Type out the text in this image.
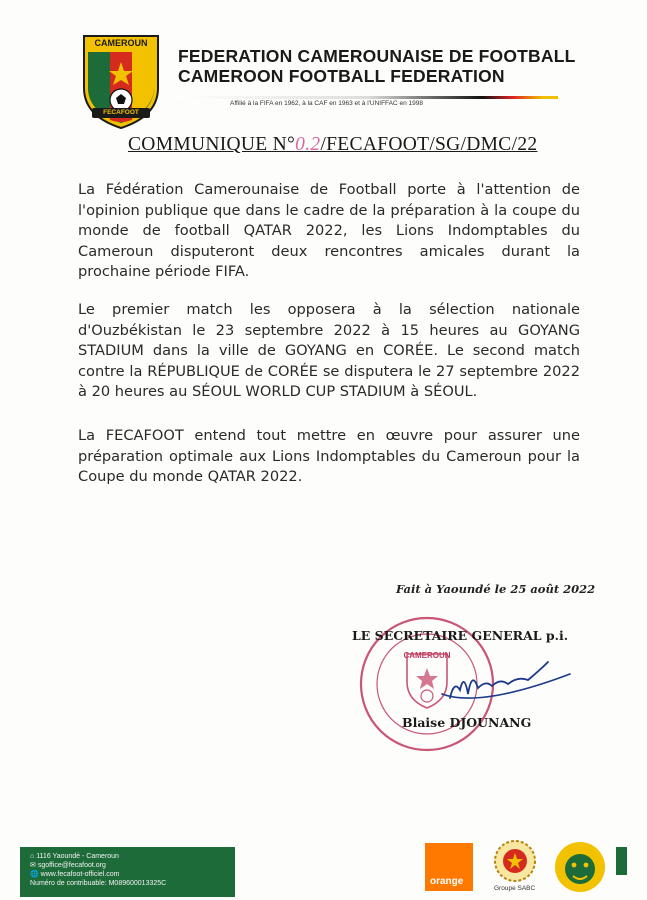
CAMEROUN
FECAFOOT
FEDERATION CAMEROUNAISE DE FOOTBALL
CAMEROON FOOTBALL FEDERATION
Affilié à la FIFA en 1962, à la CAF en 1963 et à l'UNIFFAC en 1998
COMMUNIQUE N°0.2/FECAFOOT/SG/DMC/22
La Fédération Camerounaise de Football porte à l'attention de l'opinion publique que dans le cadre de la préparation à la coupe du monde de football QATAR 2022, les Lions Indomptables du Cameroun disputeront deux rencontres amicales durant la prochaine période FIFA.
Le premier match les opposera à la sélection nationale d'Ouzbékistan le 23 septembre 2022 à 15 heures au GOYANG STADIUM dans la ville de GOYANG en CORÉE. Le second match contre la RÉPUBLIQUE de CORÉE se disputera le 27 septembre 2022 à 20 heures au SÉOUL WORLD CUP STADIUM à SÉOUL.
La FECAFOOT entend tout mettre en œuvre pour assurer une préparation optimale aux Lions Indomptables du Cameroun pour la Coupe du monde QATAR 2022.
Fait à Yaoundé le 25 août 2022
CAMEROUN
LE SECRETAIRE GENERAL p.i.
Blaise DJOUNANG
⌂ 1116 Yaoundé - Cameroun
✉ sgoffice@fecafoot.org
🌐 www.fecafoot-officiel.com
Numéro de contribuable: M089600013325C	orange
Groupe SABC
